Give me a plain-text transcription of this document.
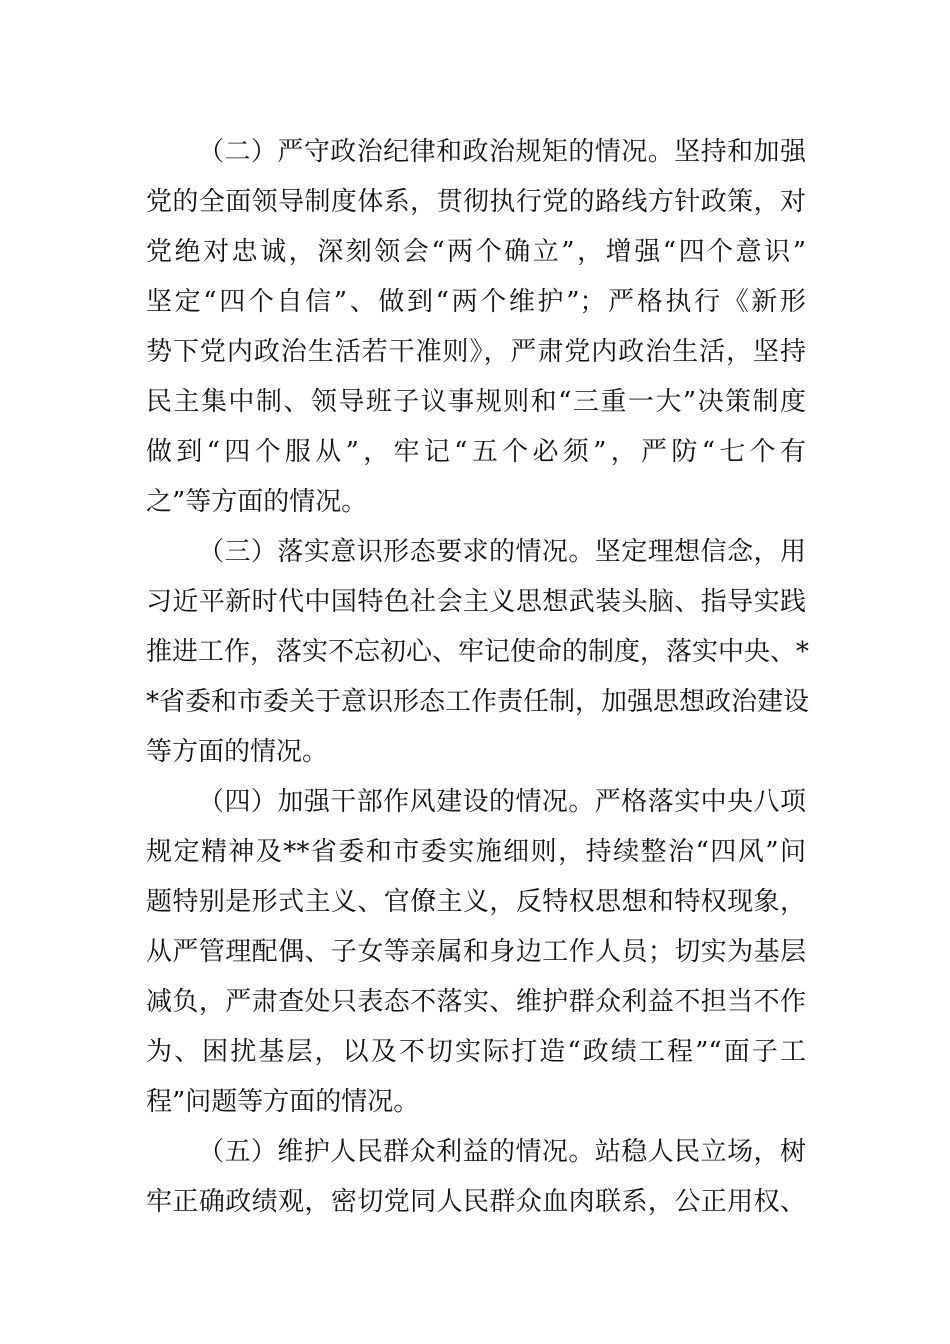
（二）严守政治纪律和政治规矩的情况。坚持和加强
党的全面领导制度体系，贯彻执行党的路线方针政策，对
党绝对忠诚，深刻领会“两个确立”，增强“四个意识”
坚定“四个自信”、做到“两个维护”；严格执行《新形
势下党内政治生活若干准则》，严肃党内政治生活，坚持
民主集中制、领导班子议事规则和“三重一大”决策制度
做到“四个服从”，牢记“五个必须”，严防“七个有
之”等方面的情况。
（三）落实意识形态要求的情况。坚定理想信念，用
习近平新时代中国特色社会主义思想武装头脑、指导实践
推进工作，落实不忘初心、牢记使命的制度，落实中央、*
*省委和市委关于意识形态工作责任制，加强思想政治建设
等方面的情况。
（四）加强干部作风建设的情况。严格落实中央八项
规定精神及**省委和市委实施细则，持续整治“四风”问
题特别是形式主义、官僚主义，反特权思想和特权现象，
从严管理配偶、子女等亲属和身边工作人员；切实为基层
减负，严肃查处只表态不落实、维护群众利益不担当不作
为、困扰基层，以及不切实际打造“政绩工程”“面子工
程”问题等方面的情况。
（五）维护人民群众利益的情况。站稳人民立场，树
牢正确政绩观，密切党同人民群众血肉联系，公正用权、
